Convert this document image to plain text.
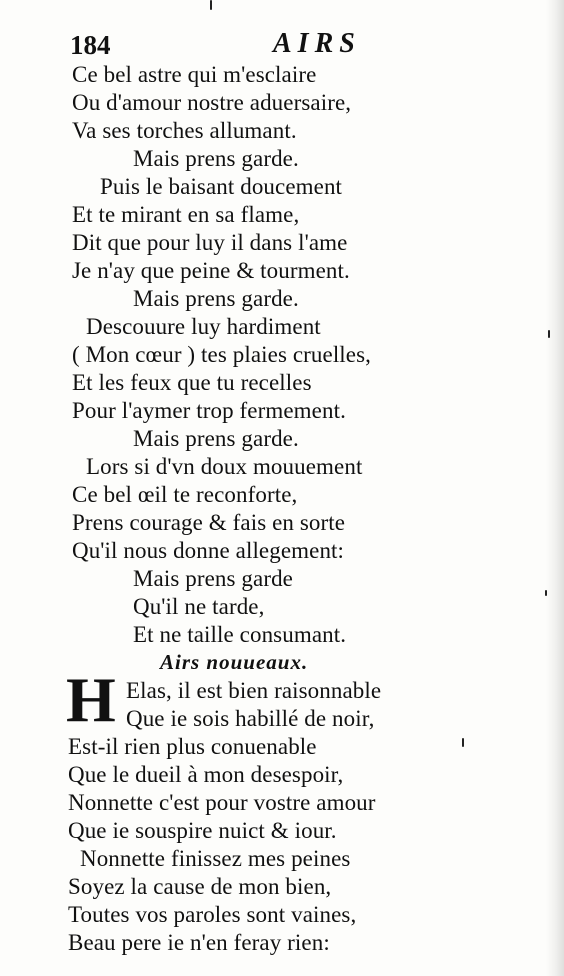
184	AIRS
Ce bel astre qui m'esclaire
Ou d'amour nostre aduersaire,
Va ses torches allumant.
Mais prens garde.
Puis le baisant doucement
Et te mirant en sa flame,
Dit que pour luy il dans l'ame
Je n'ay que peine & tourment.
Mais prens garde.
Descouure luy hardiment
( Mon cœur ) tes plaies cruelles,
Et les feux que tu recelles
Pour l'aymer trop fermement.
Mais prens garde.
Lors si d'vn doux mouuement
Ce bel œil te reconforte,
Prens courage & fais en sorte
Qu'il nous donne allegement:
Mais prens garde
Qu'il ne tarde,
Et ne taille consumant.
Airs nouueaux.
H Elas, il est bien raisonnable
Que ie sois habillé de noir,
Est-il rien plus conuenable
Que le dueil à mon desespoir,
Nonnette c'est pour vostre amour
Que ie souspire nuict & iour.
Nonnette finissez mes peines
Soyez la cause de mon bien,
Toutes vos paroles sont vaines,
Beau pere ie n'en feray rien:
